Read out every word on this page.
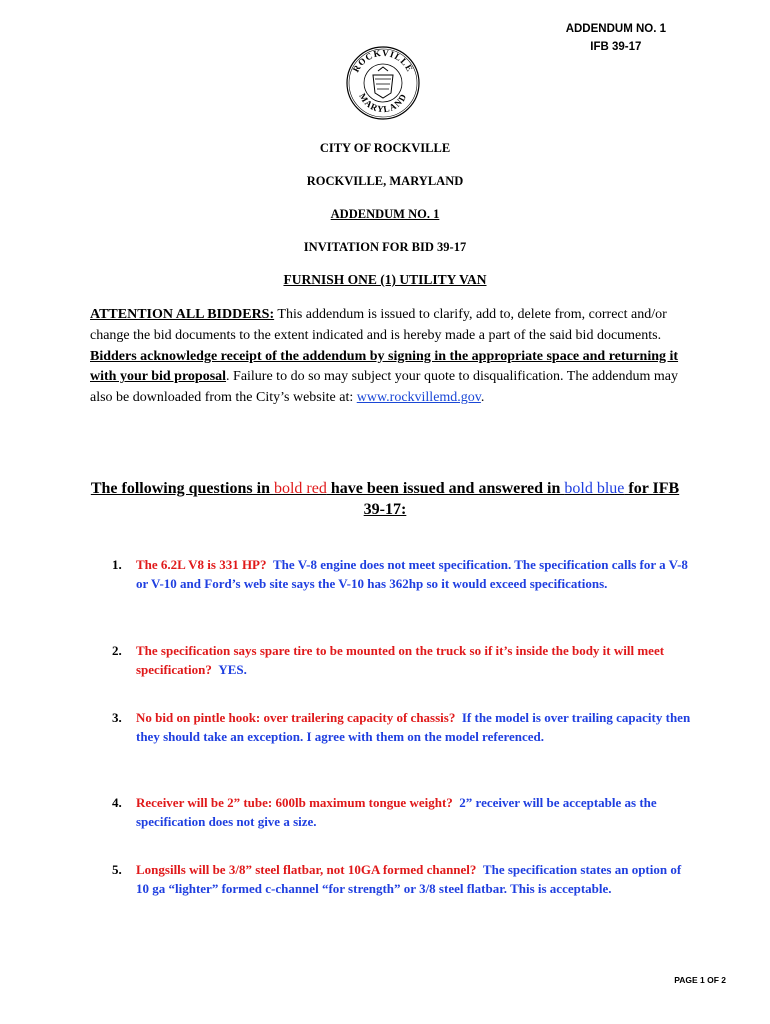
ADDENDUM NO. 1
IFB 39-17
ROCKVILLE
MARYLAND
CITY OF ROCKVILLE
ROCKVILLE, MARYLAND
ADDENDUM NO. 1
INVITATION FOR BID 39-17
FURNISH ONE (1) UTILITY VAN
ATTENTION ALL BIDDERS: This addendum is issued to clarify, add to, delete from, correct and/or change the bid documents to the extent indicated and is hereby made a part of the said bid documents. Bidders acknowledge receipt of the addendum by signing in the appropriate space and returning it with your bid proposal. Failure to do so may subject your quote to disqualification. The addendum may also be downloaded from the City’s website at: www.rockvillemd.gov.
The following questions in bold red have been issued and answered in bold blue for IFB 39-17:
1. The 6.2L V8 is 331 HP? The V-8 engine does not meet specification. The specification calls for a V-8 or V-10 and Ford’s web site says the V-10 has 362hp so it would exceed specifications.
2. The specification says spare tire to be mounted on the truck so if it’s inside the body it will meet specification? YES.
3. No bid on pintle hook: over trailering capacity of chassis? If the model is over trailing capacity then they should take an exception. I agree with them on the model referenced.
4. Receiver will be 2” tube: 600lb maximum tongue weight? 2” receiver will be acceptable as the specification does not give a size.
5. Longsills will be 3/8” steel flatbar, not 10GA formed channel? The specification states an option of 10 ga “lighter” formed c-channel “for strength” or 3/8 steel flatbar. This is acceptable.
PAGE 1 OF 2
